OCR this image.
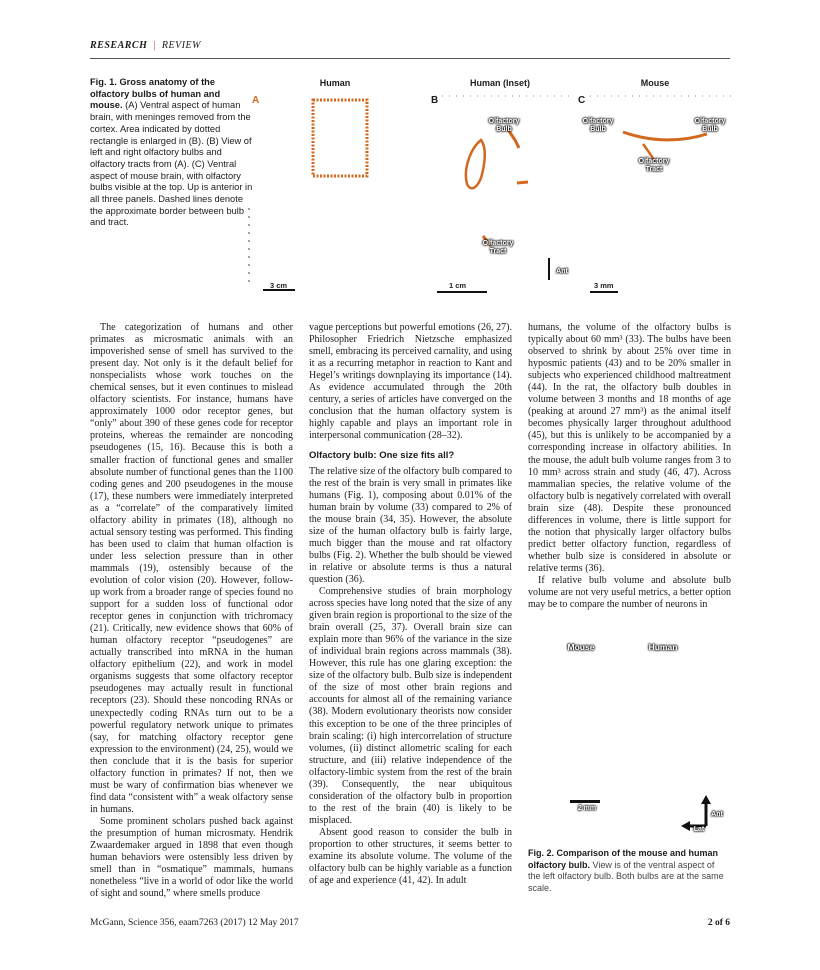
RESEARCH | REVIEW
Fig. 1. Gross anatomy of the olfactory bulbs of human and mouse. (A) Ventral aspect of human brain, with meninges removed from the cortex. Area indicated by dotted rectangle is enlarged in (B). (B) View of left and right olfactory bulbs and olfactory tracts from (A). (C) Ventral aspect of mouse brain, with olfactory bulbs visible at the top. Up is anterior in all three panels. Dashed lines denote the approximate border between bulb and tract.
Human	Human (Inset)	Mouse
A	B	C
Olfactory Bulb
Olfactory Tract
Olfactory Bulb
Olfactory Bulb
Olfactory Tract
Ant
3 cm	1 cm	3 mm

The categorization of humans and other primates as microsmatic animals with an impoverished sense of smell has survived to the present day. Not only is it the default belief for nonspecialists whose work touches on the chemical senses, but it even continues to mislead olfactory scientists. For instance, humans have approximately 1000 odor receptor genes, but “only” about 390 of these genes code for receptor proteins, whereas the remainder are noncoding pseudogenes (15, 16). Because this is both a smaller fraction of functional genes and smaller absolute number of functional genes than the 1100 coding genes and 200 pseudogenes in the mouse (17), these numbers were immediately interpreted as a “correlate” of the comparatively limited olfactory ability in primates (18), although no actual sensory testing was performed. This finding has been used to claim that human olfaction is under less selection pressure than in other mammals (19), ostensibly because of the evolution of color vision (20). However, follow-up work from a broader range of species found no support for a sudden loss of functional odor receptor genes in conjunction with trichromacy (21). Critically, new evidence shows that 60% of human olfactory receptor “pseudogenes” are actually transcribed into mRNA in the human olfactory epithelium (22), and work in model organisms suggests that some olfactory receptor pseudogenes may actually result in functional receptors (23). Should these noncoding RNAs or unexpectedly coding RNAs turn out to be a powerful regulatory network unique to primates (say, for matching olfactory receptor gene expression to the environment) (24, 25), would we then conclude that it is the basis for superior olfactory function in primates? If not, then we must be wary of confirmation bias whenever we find data “consistent with” a weak olfactory sense in humans.

Some prominent scholars pushed back against the presumption of human microsmaty. Hendrik Zwaardemaker argued in 1898 that even though human behaviors were ostensibly less driven by smell than in “osmatique” mammals, humans nonetheless “live in a world of odor like the world of sight and sound,” where smells produce

vague perceptions but powerful emotions (26, 27). Philosopher Friedrich Nietzsche emphasized smell, embracing its perceived carnality, and using it as a recurring metaphor in reaction to Kant and Hegel’s writings downplaying its importance (14). As evidence accumulated through the 20th century, a series of articles have converged on the conclusion that the human olfactory system is highly capable and plays an important role in interpersonal communication (28–32).

Olfactory bulb: One size fits all?

The relative size of the olfactory bulb compared to the rest of the brain is very small in primates like humans (Fig. 1), composing about 0.01% of the human brain by volume (33) compared to 2% of the mouse brain (34, 35). However, the absolute size of the human olfactory bulb is fairly large, much bigger than the mouse and rat olfactory bulbs (Fig. 2). Whether the bulb should be viewed in relative or absolute terms is thus a natural question (36).

Comprehensive studies of brain morphology across species have long noted that the size of any given brain region is proportional to the size of the brain overall (25, 37). Overall brain size can explain more than 96% of the variance in the size of individual brain regions across mammals (38). However, this rule has one glaring exception: the size of the olfactory bulb. Bulb size is independent of the size of most other brain regions and accounts for almost all of the remaining variance (38). Modern evolutionary theorists now consider this exception to be one of the three principles of brain scaling: (i) high intercorrelation of structure volumes, (ii) distinct allometric scaling for each structure, and (iii) relative independence of the olfactory-limbic system from the rest of the brain (39). Consequently, the near ubiquitous consideration of the olfactory bulb in proportion to the rest of the brain (40) is likely to be misplaced.

Absent good reason to consider the bulb in proportion to other structures, it seems better to examine its absolute volume. The volume of the olfactory bulb can be highly variable as a function of age and experience (41, 42). In adult

humans, the volume of the olfactory bulbs is typically about 60 mm³ (33). The bulbs have been observed to shrink by about 25% over time in hyposmic patients (43) and to be 20% smaller in subjects who experienced childhood maltreatment (44). In the rat, the olfactory bulb doubles in volume between 3 months and 18 months of age (peaking at around 27 mm³) as the animal itself becomes physically larger throughout adulthood (45), but this is unlikely to be accompanied by a corresponding increase in olfactory abilities. In the mouse, the adult bulb volume ranges from 3 to 10 mm³ across strain and study (46, 47). Across mammalian species, the relative volume of the olfactory bulb is negatively correlated with overall brain size (48). Despite these pronounced differences in volume, there is little support for the notion that physically larger olfactory bulbs predict better olfactory function, regardless of whether bulb size is considered in absolute or relative terms (36).

If relative bulb volume and absolute bulb volume are not very useful metrics, a better option may be to compare the number of neurons in

Mouse	Human
2 mm
Ant
Lat
Fig. 2. Comparison of the mouse and human olfactory bulb. View is of the ventral aspect of the left olfactory bulb. Both bulbs are at the same scale.
McGann, Science 356, eaam7263 (2017) 12 May 2017	2 of 6
